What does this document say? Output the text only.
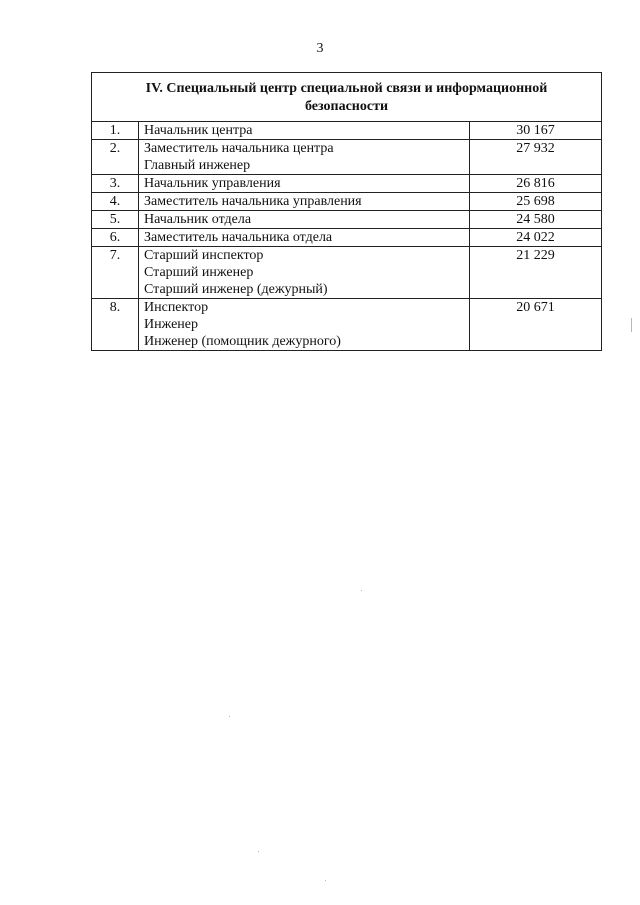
3
IV. Специальный центр специальной связи и информационной безопасности		
1.	Начальник центра	30 167
2.	Заместитель начальника центра
Главный инженер	27 932
3.	Начальник управления	26 816
4.	Заместитель начальника управления	25 698
5.	Начальник отдела	24 580
6.	Заместитель начальника отдела	24 022
7.	Старший инспектор
Старший инженер
Старший инженер (дежурный)	21 229
8.	Инспектор
Инженер
Инженер (помощник дежурного)	20 671
